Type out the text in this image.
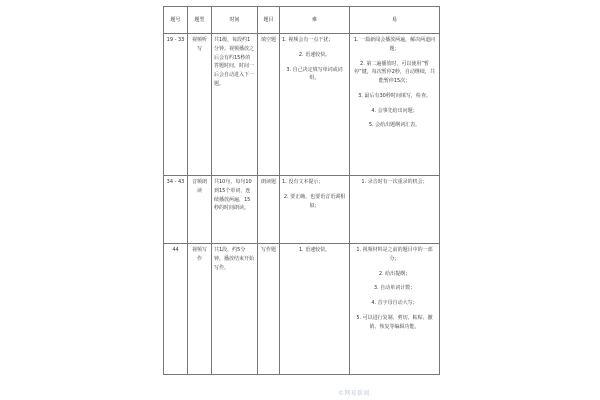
题号	题型	时间	题目	难	易
19 - 33	视频听写	共1级，每段约1分钟。视频播放之后会有约15秒的答题时间，时间一后会自动进入下一题。	填空题	1. 视频会有一点干扰；
2. 语速较快。
3. 自己决定填写单词或词组。	1. 一篇新闻会播放两遍，解决两道问题；
2. 第二遍播放时，可以使用“暂停”键，每次暂停2秒，自动继续，共能暂停15次；
3. 最后有30秒时间填写，检查。
4. 会事先给出问题；
5. 会给出题纲词汇表。

34 - 43	音频朗读	共10句，每句10到15个单词，连续播放两遍，15秒的时间朗读。	朗读题	1. 没有文本提示；
2. 要正确，也要语音语调相似；	1. 录音时有一次重录的机会；

44	视频写作	共1段，约5分钟。播放结束开始写作。	写作题	1. 语速较快。	1. 视频材料是之前的题目中的一部分；
2. 给出提纲；
3. 自动单词计数；
4. 首字母自动大写；
5. 可以进行复制、剪切、粘贴、撤销、恢复等编辑功能。
©网易新闻
